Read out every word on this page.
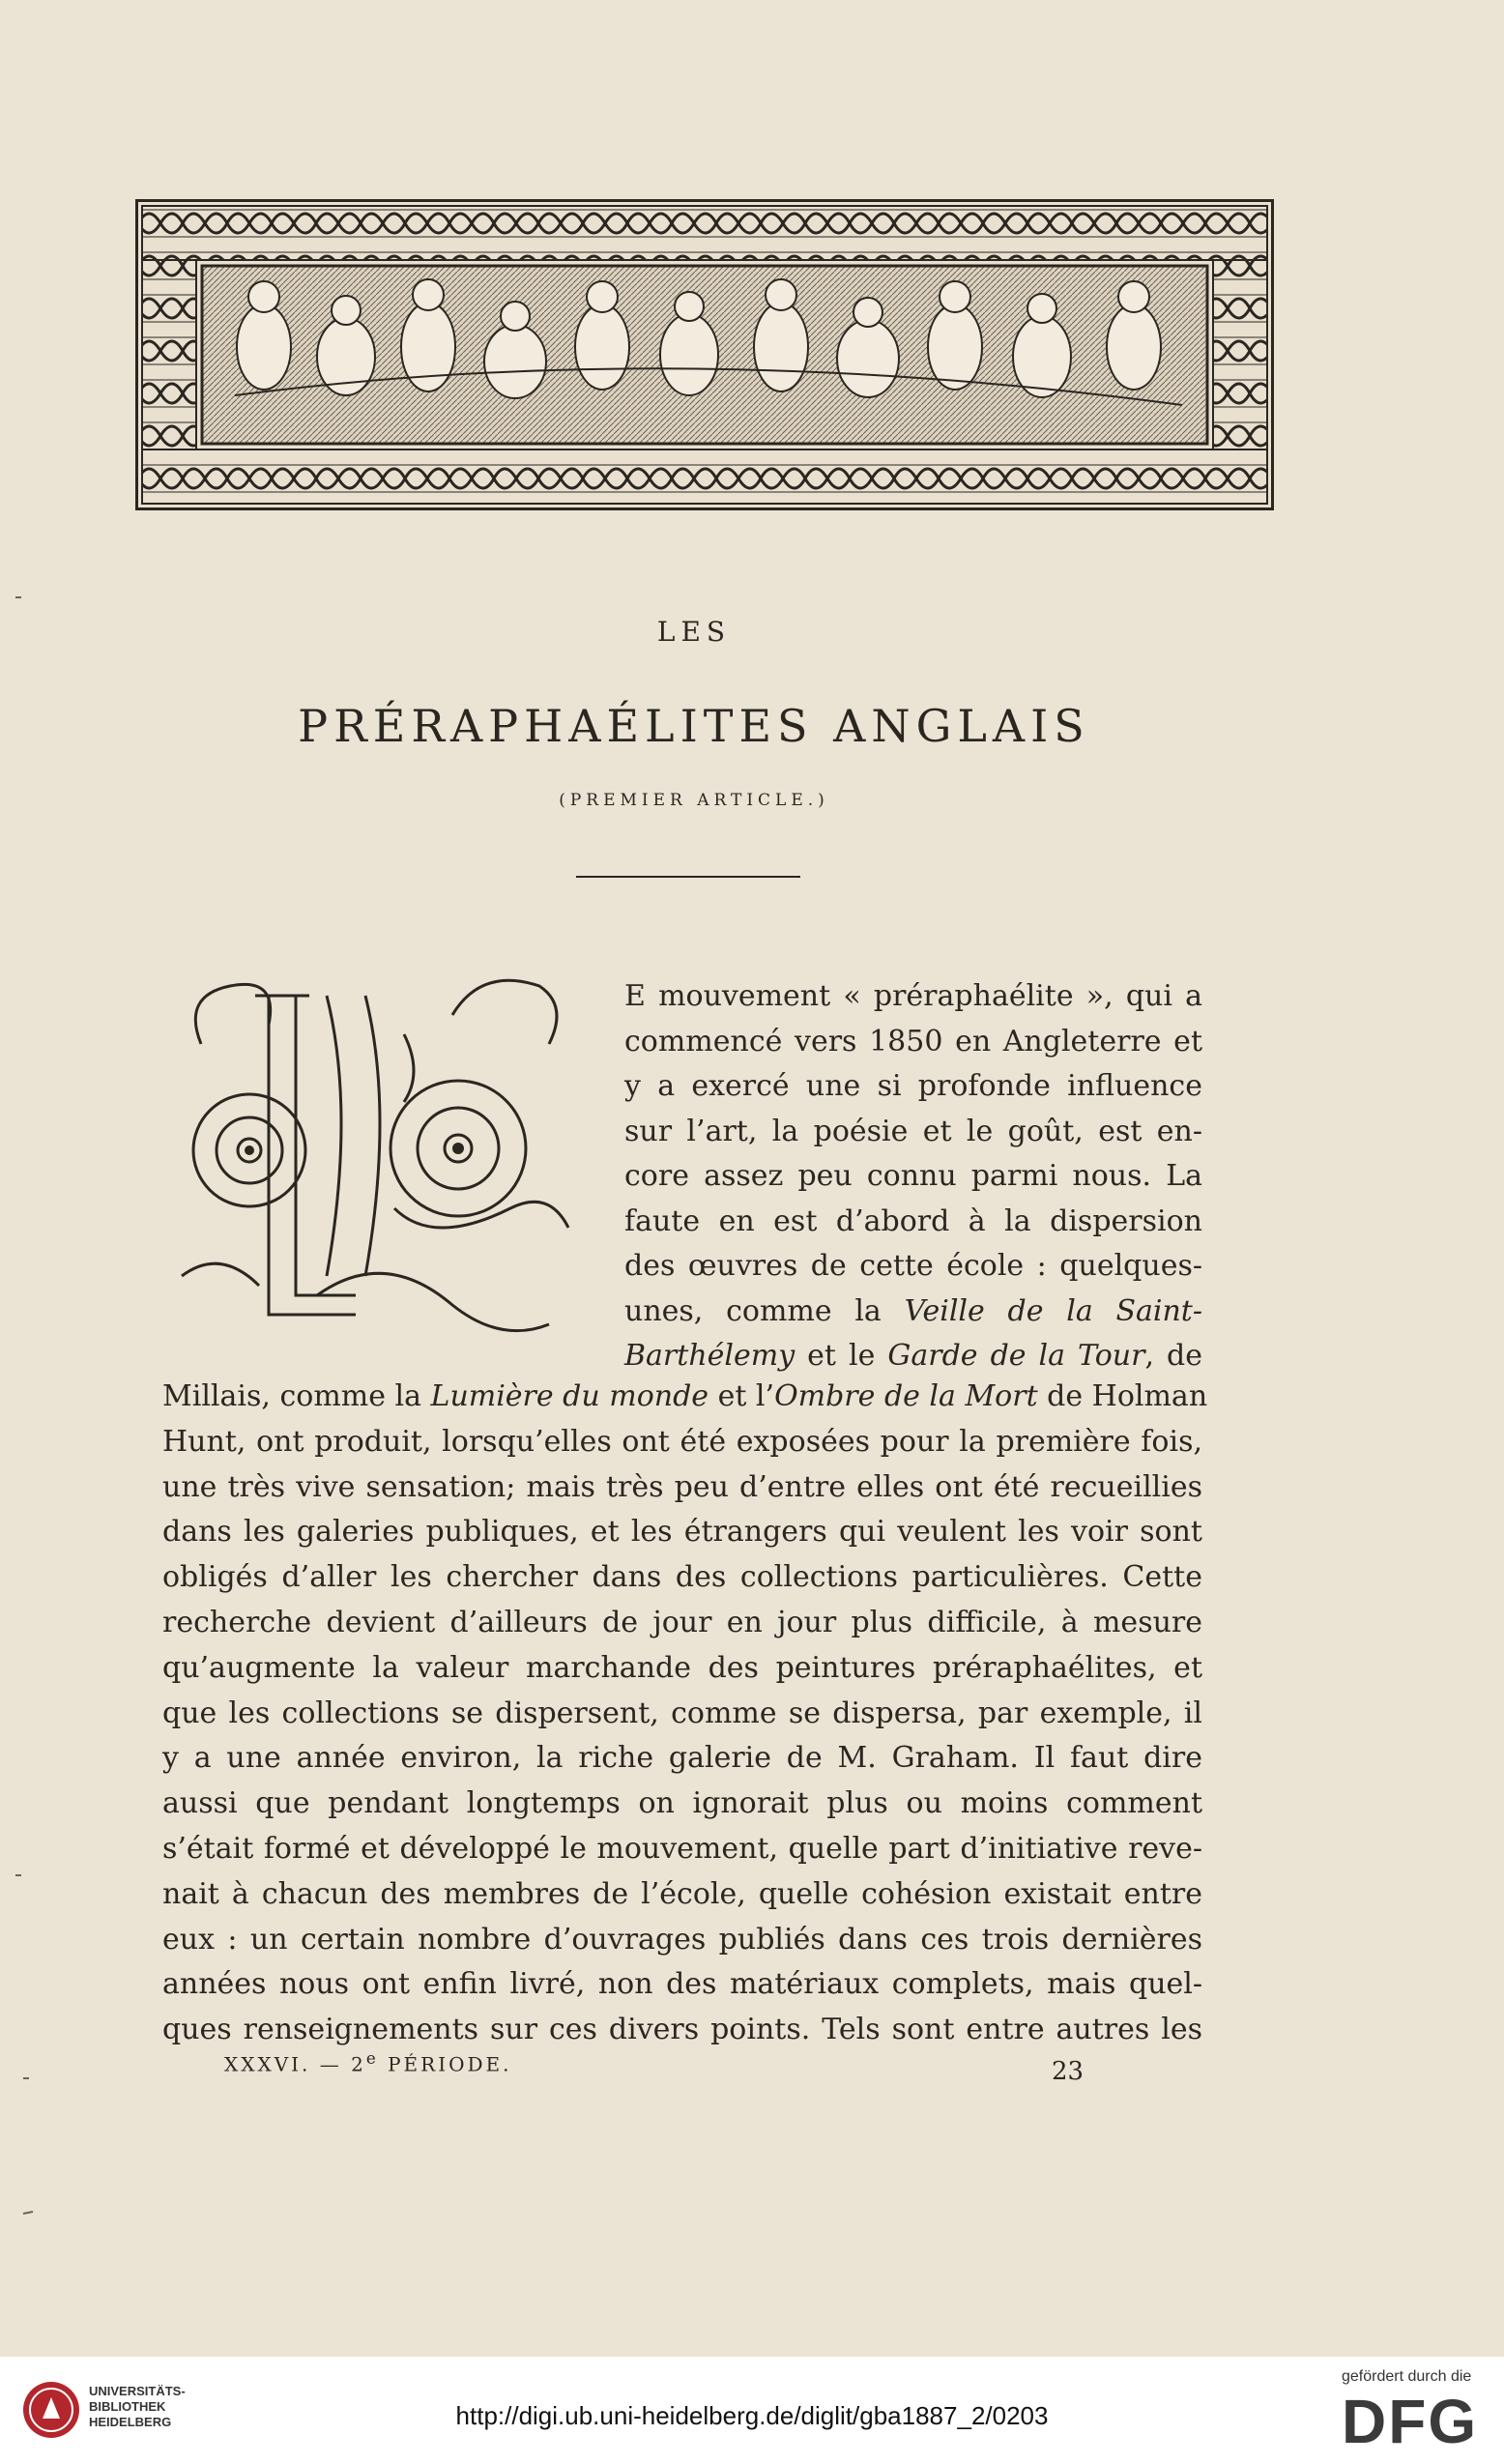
LES
PRÉRAPHAÉLITES ANGLAIS
(PREMIER ARTICLE.)
E mouvement « préraphaélite », qui a
commencé vers 1850 en Angleterre et
y a exercé une si profonde influence
sur l’art, la poésie et le goût, est en-
core assez peu connu parmi nous. La
faute en est d’abord à la dispersion
des œuvres de cette école : quelques-
unes, comme la Veille de la Saint-
Barthélemy et le Garde de la Tour, de
Millais, comme la Lumière du monde et l’Ombre de la Mort de Holman
Hunt, ont produit, lorsqu’elles ont été exposées pour la première fois,
une très vive sensation; mais très peu d’entre elles ont été recueillies
dans les galeries publiques, et les étrangers qui veulent les voir sont
obligés d’aller les chercher dans des collections particulières. Cette
recherche devient d’ailleurs de jour en jour plus difficile, à mesure
qu’augmente la valeur marchande des peintures préraphaélites, et
que les collections se dispersent, comme se dispersa, par exemple, il
y a une année environ, la riche galerie de M. Graham. Il faut dire
aussi que pendant longtemps on ignorait plus ou moins comment
s’était formé et développé le mouvement, quelle part d’initiative reve-
nait à chacun des membres de l’école, quelle cohésion existait entre
eux : un certain nombre d’ouvrages publiés dans ces trois dernières
années nous ont enfin livré, non des matériaux complets, mais quel-
ques renseignements sur ces divers points. Tels sont entre autres les
XXXVI. — 2e PÉRIODE.	23
UNIVERSITÄTS-
BIBLIOTHEK
HEIDELBERG	http://digi.ub.uni-heidelberg.de/diglit/gba1887_2/0203
gefördert durch die
DFG
